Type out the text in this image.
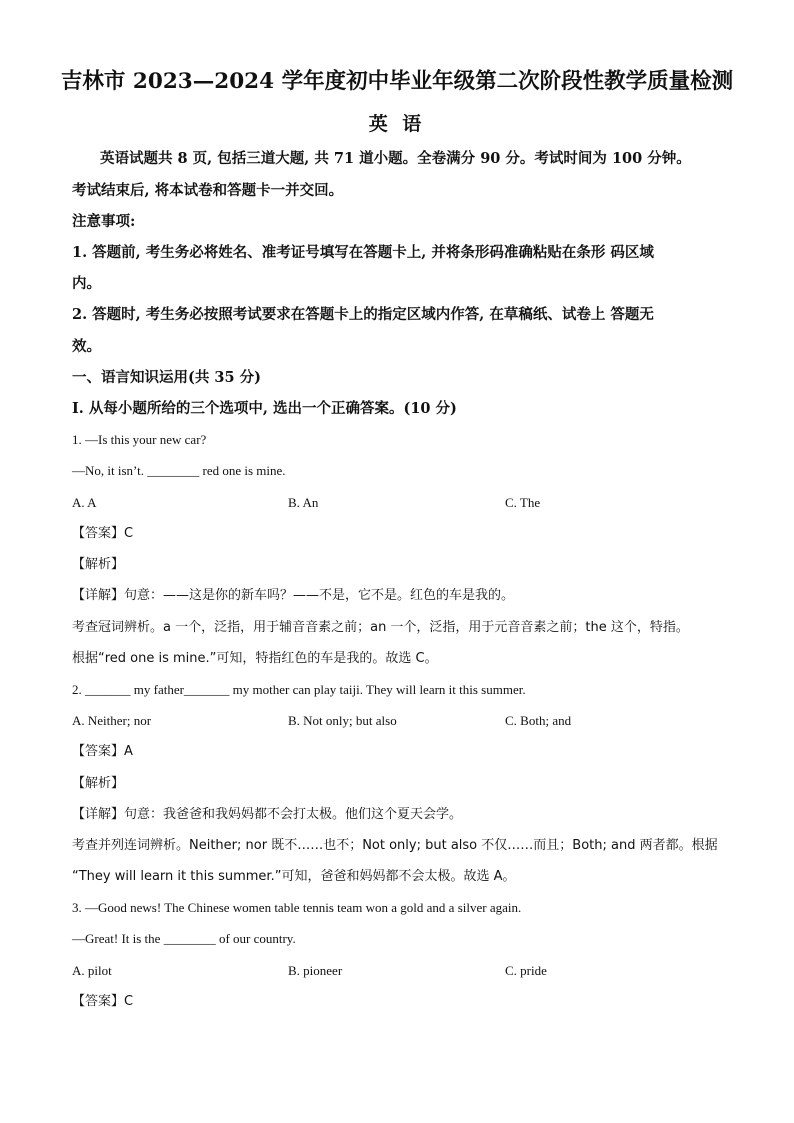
吉林市 2023—2024 学年度初中毕业年级第二次阶段性教学质量检测
英 语
英语试题共 8 页, 包括三道大题, 共 71 道小题。全卷满分 90 分。考试时间为 100 分钟。
考试结束后, 将本试卷和答题卡一并交回。
注意事项:
1. 答题前, 考生务必将姓名、准考证号填写在答题卡上, 并将条形码准确粘贴在条形 码区域
内。
2. 答题时, 考生务必按照考试要求在答题卡上的指定区域内作答, 在草稿纸、试卷上 答题无
效。
一、语言知识运用(共 35 分)
I. 从每小题所给的三个选项中, 选出一个正确答案。(10 分)
1. —Is this your new car?
—No, it isn’t. ________ red one is mine.
A. A	B. An	C. The
【答案】C
【解析】
【详解】句意：——这是你的新车吗？——不是，它不是。红色的车是我的。
考查冠词辨析。a 一个，泛指，用于辅音音素之前；an 一个，泛指，用于元音音素之前；the 这个，特指。
根据“red one is mine.”可知，特指红色的车是我的。故选 C。
2. _______ my father_______ my mother can play taiji. They will learn it this summer.
A. Neither; nor	B. Not only; but also	C. Both; and
【答案】A
【解析】
【详解】句意：我爸爸和我妈妈都不会打太极。他们这个夏天会学。
考查并列连词辨析。Neither; nor 既不……也不；Not only; but also 不仅……而且；Both; and 两者都。根据
“They will learn it this summer.”可知，爸爸和妈妈都不会太极。故选 A。
3. —Good news! The Chinese women table tennis team won a gold and a silver again.
—Great! It is the ________ of our country.
A. pilot	B. pioneer	C. pride
【答案】C
